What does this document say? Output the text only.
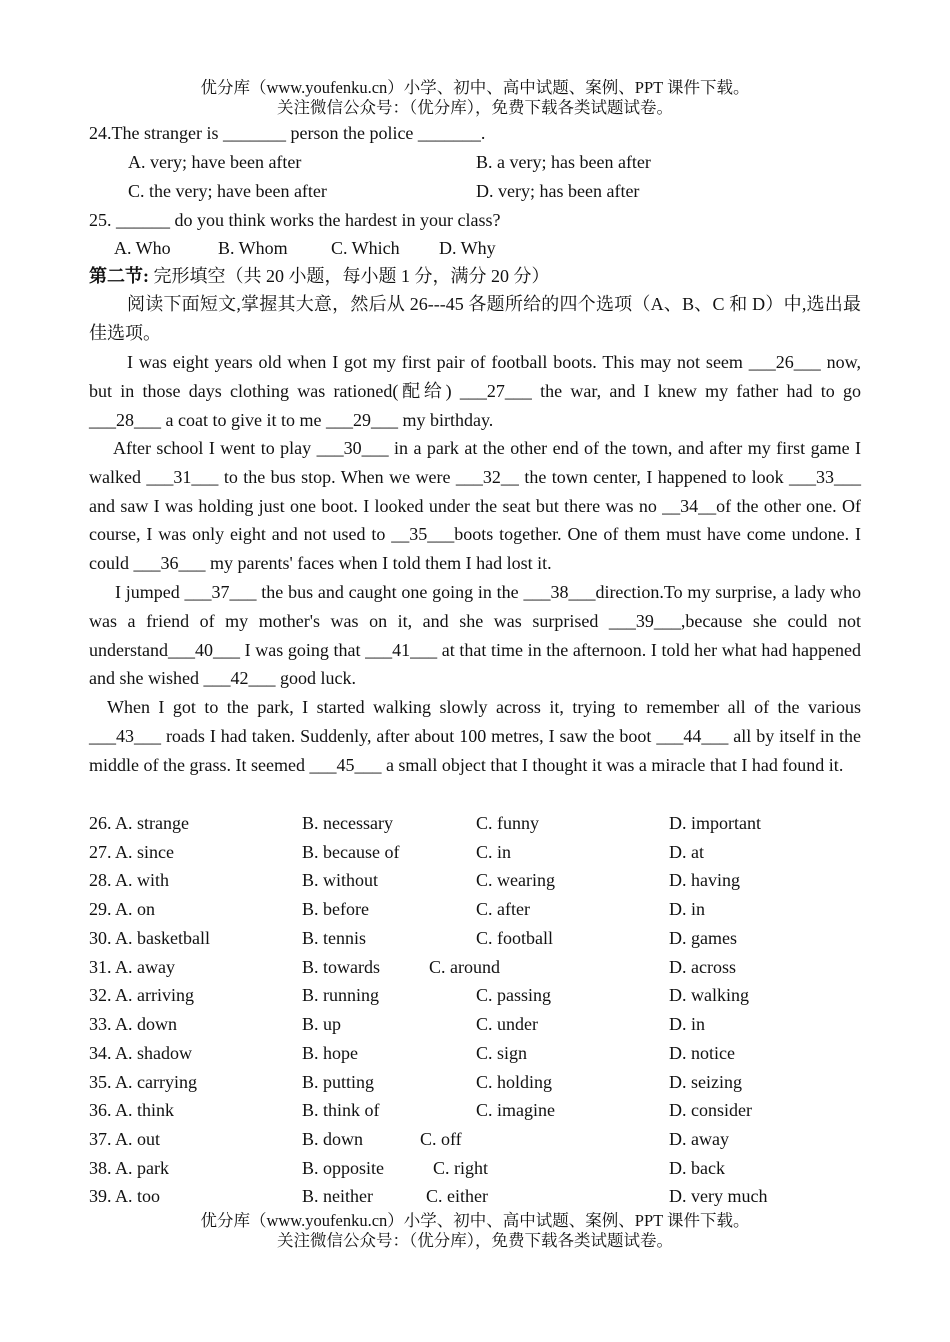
优分库（www.youfenku.cn）小学、初中、高中试题、案例、PPT 课件下载。
关注微信公众号：（优分库），免费下载各类试题试卷。
24.The stranger is _______ person the police _______.
A. very; have been after	B. a very; has been after
C. the very; have been after	D. very; has been after
25. ______ do you think works the hardest in your class?
A. Who	B. Whom C. Which D. Why
第二节: 完形填空（共 20 小题，每小题 1 分，满分 20 分）
阅读下面短文,掌握其大意，然后从 26---45 各题所给的四个选项（A、B、C 和 D）中,选出最佳选项。
I was eight years old when I got my first pair of football boots. This may not seem ___26___ now, but in those days clothing was rationed(配给) ___27___ the war, and I knew my father had to go ___28___ a coat to give it to me ___29___ my birthday.
After school I went to play ___30___ in a park at the other end of the town, and after my first game I walked ___31___ to the bus stop. When we were ___32__ the town center, I happened to look ___33___ and saw I was holding just one boot. I looked under the seat but there was no __34__of the other one. Of course, I was only eight and not used to __35___boots together. One of them must have come undone. I could ___36___ my parents' faces when I told them I had lost it.
I jumped ___37___ the bus and caught one going in the ___38___direction.To my surprise, a lady who was a friend of my mother's was on it, and she was surprised ___39___,because she could not understand___40___ I was going that ___41___ at that time in the afternoon. I told her what had happened and she wished ___42___ good luck.
When I got to the park, I started walking slowly across it, trying to remember all of the various ___43___ roads I had taken. Suddenly, after about 100 metres, I saw the boot ___44___ all by itself in the middle of the grass. It seemed ___45___ a small object that I thought it was a miracle that I had found it.
26. A. strange	B. necessary	C. funny	D. important
27. A. since	B. because of	C. in	D. at
28. A. with	B. without	C. wearing	D. having
29. A. on	B. before	C. after	D. in
30. A. basketball	B. tennis	C. football	D. games
31. A. away	B. towards	C. around	D. across
32. A. arriving	B. running	C. passing	D. walking
33. A. down	B. up	C. under	D. in
34. A. shadow	B. hope	C. sign	D. notice
35. A. carrying	B. putting	C. holding	D. seizing
36. A. think	B. think of	C. imagine	D. consider
37. A. out	B. down	C. off	D. away
38. A. park	B. opposite	C. right	D. back
39. A. too	B. neither	C. either	D. very much
优分库（www.youfenku.cn）小学、初中、高中试题、案例、PPT 课件下载。
关注微信公众号：（优分库），免费下载各类试题试卷。
